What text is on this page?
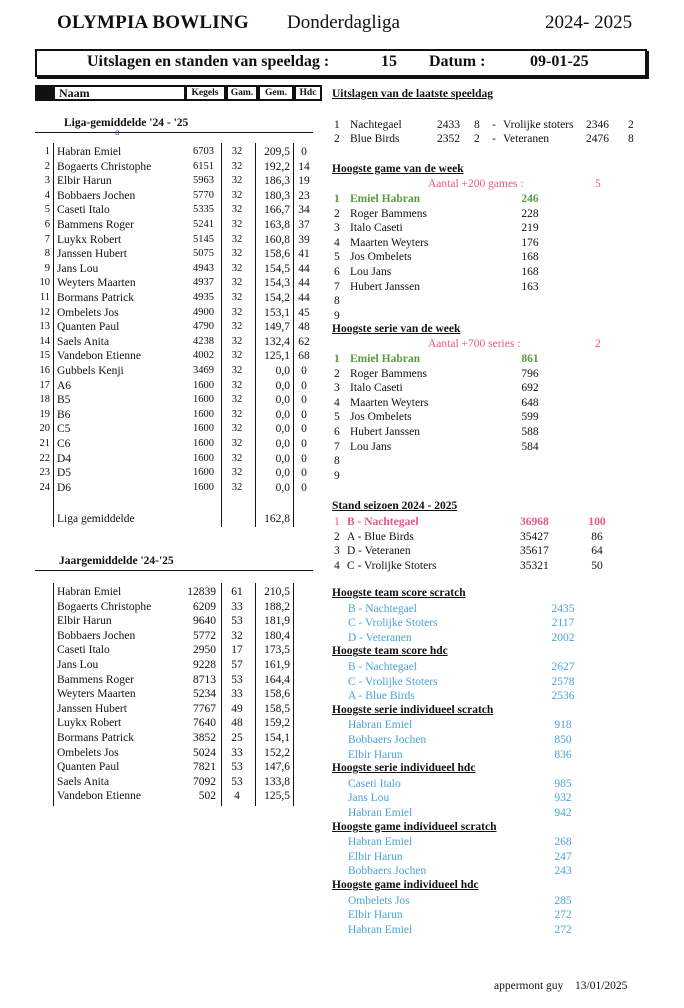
OLYMPIA BOWLING Donderdagliga	2024- 2025
Uitslagen en standen van speeldag :	15 Datum :	09-01-25
Naam	Kegels	Gam.	Gem.	Hdc
Liga-gemiddelde '24 - '25
ɑ
1 Habran Emiel	6703	32	209,5 0
2 Bogaerts Christophe	6151	32	192,2 14
3 Elbir Harun	5963	32	186,3 19
4 Bobbaers Jochen	5770	32	180,3 23
5 Caseti Italo	5335	32	166,7 34
6 Bammens Roger	5241	32	163,8 37
7 Luykx Robert	5145	32	160,8 39
8 Janssen Hubert	5075	32	158,6 41
9 Jans Lou	4943	32	154,5 44
10 Weyters Maarten	4937	32	154,3 44
11 Bormans Patrick	4935	32	154,2 44
12 Ombelets Jos	4900	32	153,1 45
13 Quanten Paul	4790	32	149,7 48
14 Saels Anita	4238	32	132,4 62
15 Vandebon Etienne	4002	32	125,1 68
16 Gubbels Kenji	3469	32	0,0 0
17 A6	1600	32	0,0 0
18 B5	1600	32	0,0 0
19 B6	1600	32	0,0 0
20 C5	1600	32	0,0 0
21 C6	1600	32	0,0 0
22 D4	1600	32	0,0 0
23 D5	1600	32	0,0 0
24 D6	1600	32	0,0 0
Liga gemiddelde	162,8
Jaargemiddelde '24-'25
Habran Emiel	12839	61	210,5
Bogaerts Christophe	6209	33	188,2
Elbir Harun	9640	53	181,9
Bobbaers Jochen	5772	32	180,4
Caseti Italo	2950	17	173,5
Jans Lou	9228	57	161,9
Bammens Roger	8713	53	164,4
Weyters Maarten	5234	33	158,6
Janssen Hubert	7767	49	158,5
Luykx Robert	7640	48	159,2
Bormans Patrick	3852	25	154,1
Ombelets Jos	5024	33	152,2
Quanten Paul	7821	53	147,6
Saels Anita	7092	53	133,8
Vandebon Etienne	502	4	125,5
Uitslagen van de laatste speeldag
1 Nachtegael	2433 8 - Vrolijke stoters 2346 2
2 Blue Birds	2352 2 - Veteranen	2476 8
Hoogste game van de week
Aantal +200 games :	5
1 Emiel Habran	246
2 Roger Bammens	228
3 Italo Caseti	219
4 Maarten Weyters	176
5 Jos Ombelets	168
6 Lou Jans	168
7 Hubert Janssen	163
8
9
Hoogste serie van de week
Aantal +700 series :	2
1 Emiel Habran	861
2 Roger Bammens	796
3 Italo Caseti	692
4 Maarten Weyters	648
5 Jos Ombelets	599
6 Hubert Janssen	588
7 Lou Jans	584
8
9
Stand seizoen 2024 - 2025
1 B - Nachtegael	36968	100
2 A - Blue Birds	35427	86
3 D - Veteranen	35617	64
4 C - Vrolijke Stoters	35321	50
Hoogste team score scratch
B - Nachtegael	2435
C - Vrolijke Stoters	2117
D - Veteranen	2002
Hoogste team score hdc
B - Nachtegael	2627
C - Vrolijke Stoters	2578
A - Blue Birds	2536
Hoogste serie individueel scratch
Habran Emiel	918
Bobbaers Jochen	850
Elbir Harun	836
Hoogste serie individueel hdc
Caseti Italo	985
Jans Lou	932
Habran Emiel	942
Hoogste game individueel scratch
Habran Emiel	268
Elbir Harun	247
Bobbaers Jochen	243
Hoogste game individueel hdc
Ombelets Jos	285
Elbir Harun	272
Habran Emiel	272
appermont guy 13/01/2025
